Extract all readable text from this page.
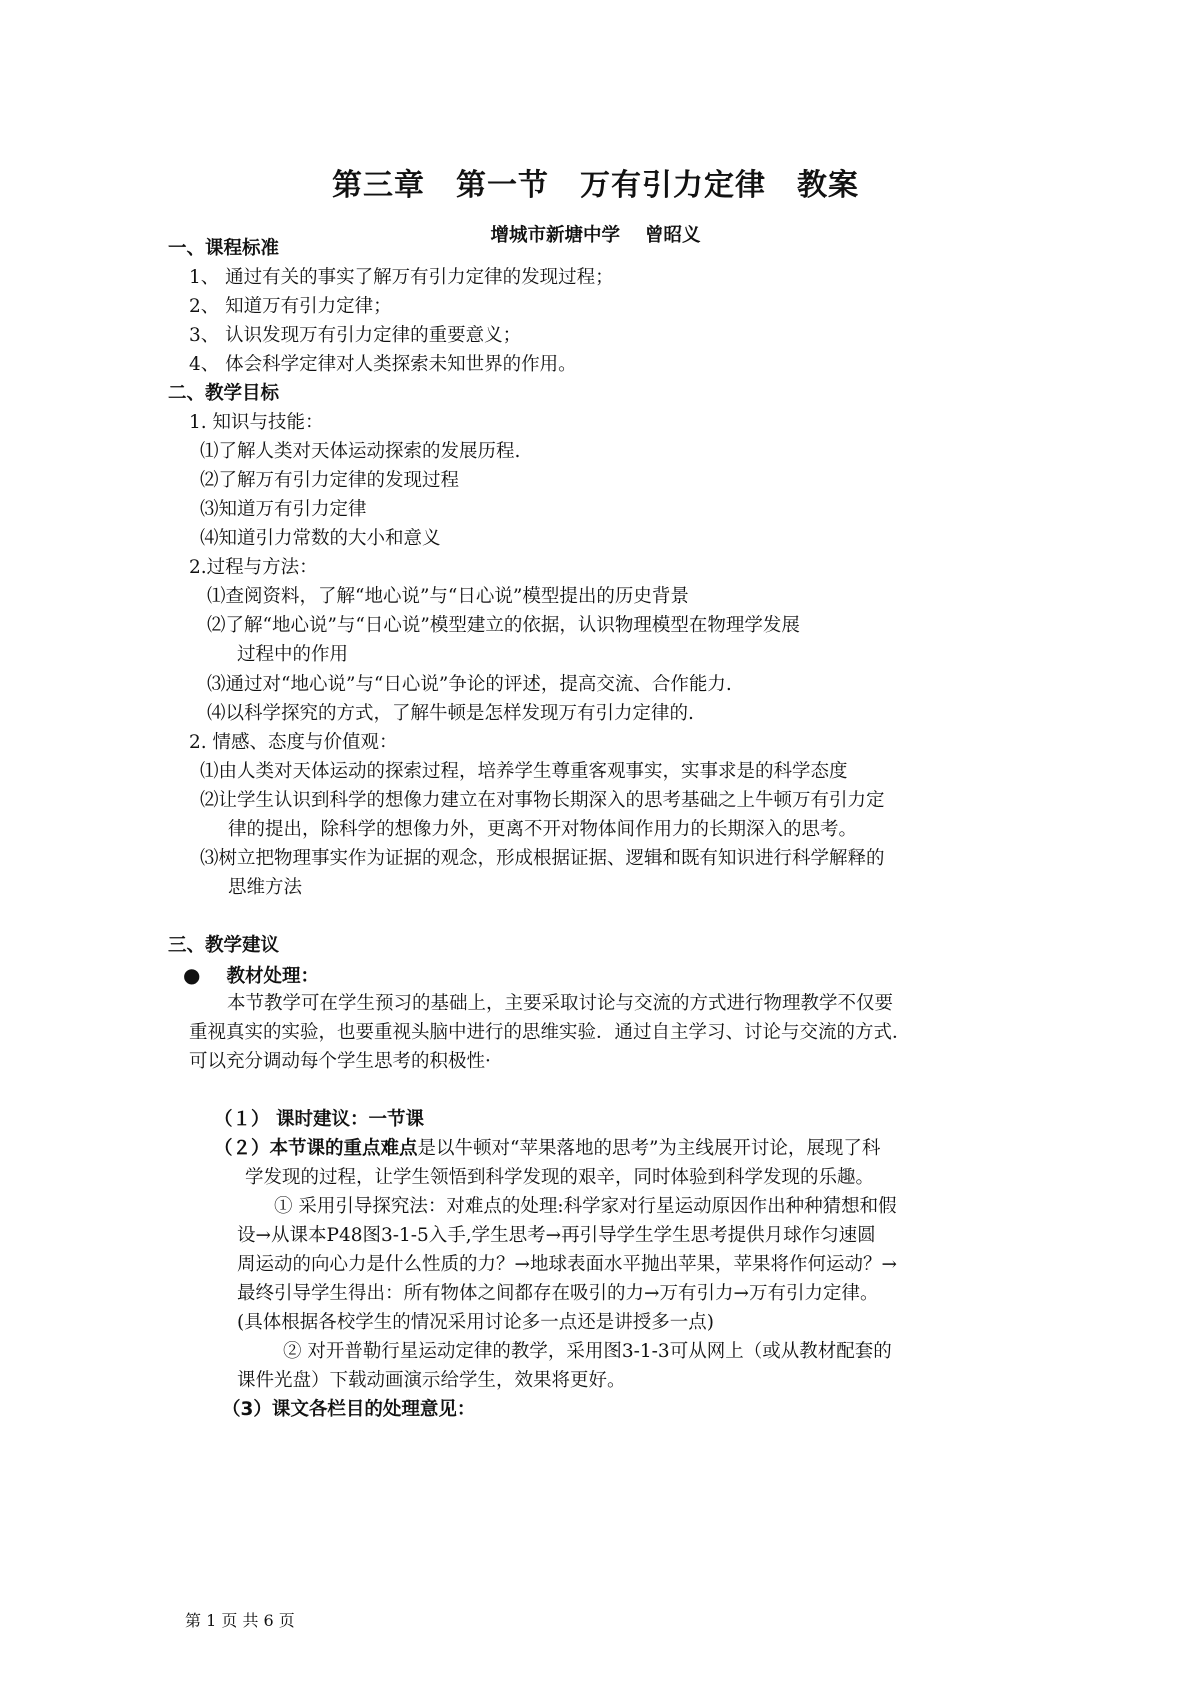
第三章　第一节　万有引力定律　教案
增城市新塘中学　 曾昭义
一、课程标准
1、 通过有关的事实了解万有引力定律的发现过程；
2、 知道万有引力定律；
3、 认识发现万有引力定律的重要意义；
4、 体会科学定律对人类探索未知世界的作用。
二、教学目标
1. 知识与技能：
⑴了解人类对天体运动探索的发展历程.
⑵了解万有引力定律的发现过程
⑶知道万有引力定律
⑷知道引力常数的大小和意义
2.过程与方法：
⑴查阅资料，了解“地心说”与“日心说”模型提出的历史背景
⑵了解“地心说”与“日心说”模型建立的依据，认识物理模型在物理学发展
过程中的作用
⑶通过对“地心说”与“日心说”争论的评述，提高交流、合作能力.
⑷以科学探究的方式，了解牛顿是怎样发现万有引力定律的.
2. 情感、态度与价值观：
⑴由人类对天体运动的探索过程，培养学生尊重客观事实，实事求是的科学态度
⑵让学生认识到科学的想像力建立在对事物长期深入的思考基础之上牛顿万有引力定
律的提出，除科学的想像力外，更离不开对物体间作用力的长期深入的思考。
⑶树立把物理事实作为证据的观念，形成根据证据、逻辑和既有知识进行科学解释的
思维方法
三、教学建议
● 教材处理：
本节教学可在学生预习的基础上，主要采取讨论与交流的方式进行物理教学不仅要
重视真实的实验，也要重视头脑中进行的思维实验．通过自主学习、讨论与交流的方式．
可以充分调动每个学生思考的积极性·
（１） 课时建议：一节课
（２）本节课的重点难点是以牛顿对“苹果落地的思考”为主线展开讨论，展现了科
学发现的过程，让学生领悟到科学发现的艰辛，同时体验到科学发现的乐趣。
① 采用引导探究法：对难点的处理:科学家对行星运动原因作出种种猜想和假
设→从课本P48图3-1-5入手,学生思考→再引导学生学生思考提供月球作匀速圆
周运动的向心力是什么性质的力？→地球表面水平抛出苹果，苹果将作何运动？→
最终引导学生得出：所有物体之间都存在吸引的力→万有引力→万有引力定律。
(具体根据各校学生的情况采用讨论多一点还是讲授多一点)
② 对开普勒行星运动定律的教学，采用图3-1-3可从网上（或从教材配套的
课件光盘）下载动画演示给学生，效果将更好。
（3）课文各栏目的处理意见：
第 1 页 共 6 页
